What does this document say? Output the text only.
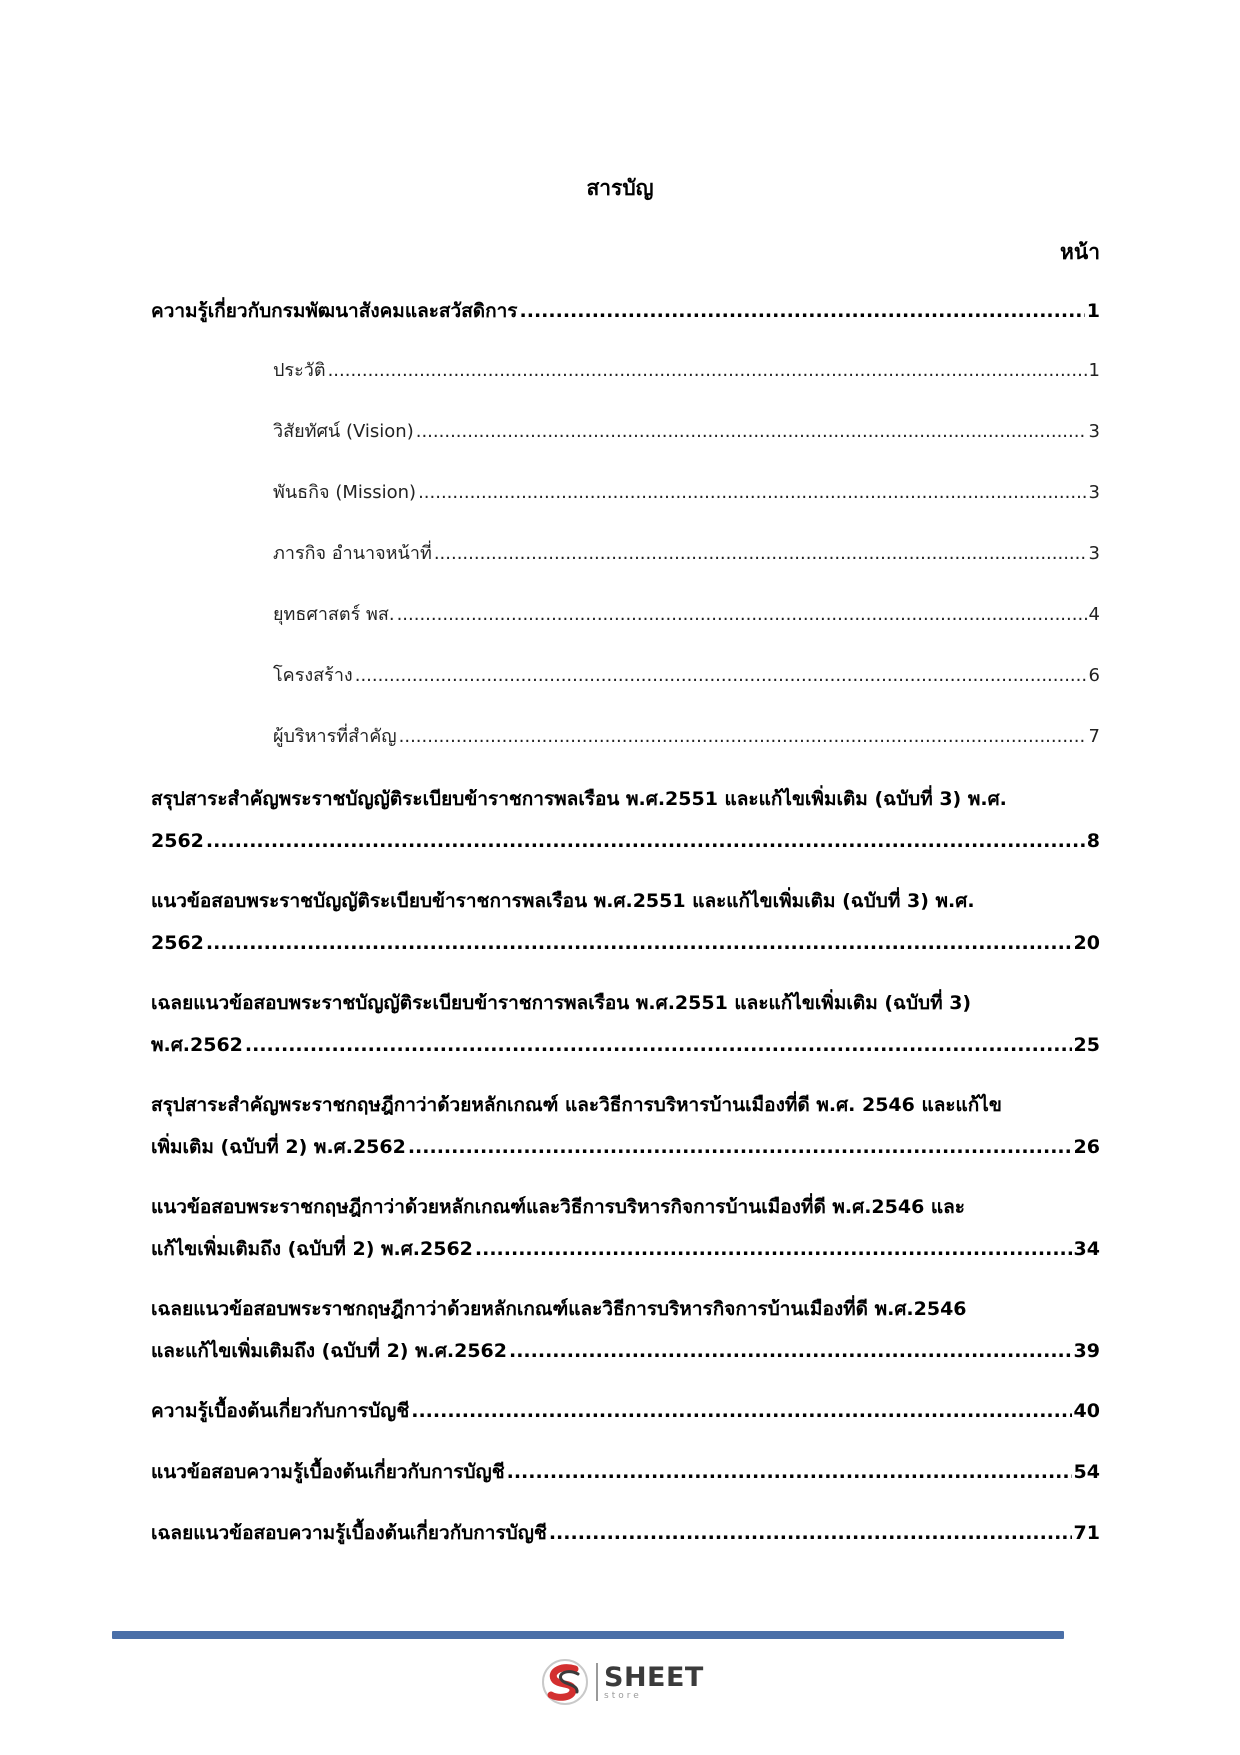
สารบัญ
หน้า
ความรู้เกี่ยวกับกรมพัฒนาสังคมและสวัสดิการ .....	1
ประวัติ .....	1
วิสัยทัศน์ (Vision) .....	3
พันธกิจ (Mission) .....	3
ภารกิจ อำนาจหน้าที่ .....	3
ยุทธศาสตร์ พส. .....	4
โครงสร้าง .....	6
ผู้บริหารที่สำคัญ .....	7
สรุปสาระสำคัญพระราชบัญญัติระเบียบข้าราชการพลเรือน พ.ศ.2551 และแก้ไขเพิ่มเติม (ฉบับที่ 3) พ.ศ.
2562 .....	8
แนวข้อสอบพระราชบัญญัติระเบียบข้าราชการพลเรือน พ.ศ.2551 และแก้ไขเพิ่มเติม (ฉบับที่ 3) พ.ศ.
2562 .....	20
เฉลยแนวข้อสอบพระราชบัญญัติระเบียบข้าราชการพลเรือน พ.ศ.2551 และแก้ไขเพิ่มเติม (ฉบับที่ 3)
พ.ศ.2562 .....	25
สรุปสาระสำคัญพระราชกฤษฎีกาว่าด้วยหลักเกณฑ์ และวิธีการบริหารบ้านเมืองที่ดี พ.ศ. 2546 และแก้ไข
เพิ่มเติม (ฉบับที่ 2) พ.ศ.2562 .....	26
แนวข้อสอบพระราชกฤษฎีกาว่าด้วยหลักเกณฑ์และวิธีการบริหารกิจการบ้านเมืองที่ดี พ.ศ.2546 และ
แก้ไขเพิ่มเติมถึง (ฉบับที่ 2) พ.ศ.2562 .....	34
เฉลยแนวข้อสอบพระราชกฤษฎีกาว่าด้วยหลักเกณฑ์และวิธีการบริหารกิจการบ้านเมืองที่ดี พ.ศ.2546
และแก้ไขเพิ่มเติมถึง (ฉบับที่ 2) พ.ศ.2562 .....	39
ความรู้เบื้องต้นเกี่ยวกับการบัญชี .....	40
แนวข้อสอบความรู้เบื้องต้นเกี่ยวกับการบัญชี .....	54
เฉลยแนวข้อสอบความรู้เบื้องต้นเกี่ยวกับการบัญชี .....	71
SHEET
store
